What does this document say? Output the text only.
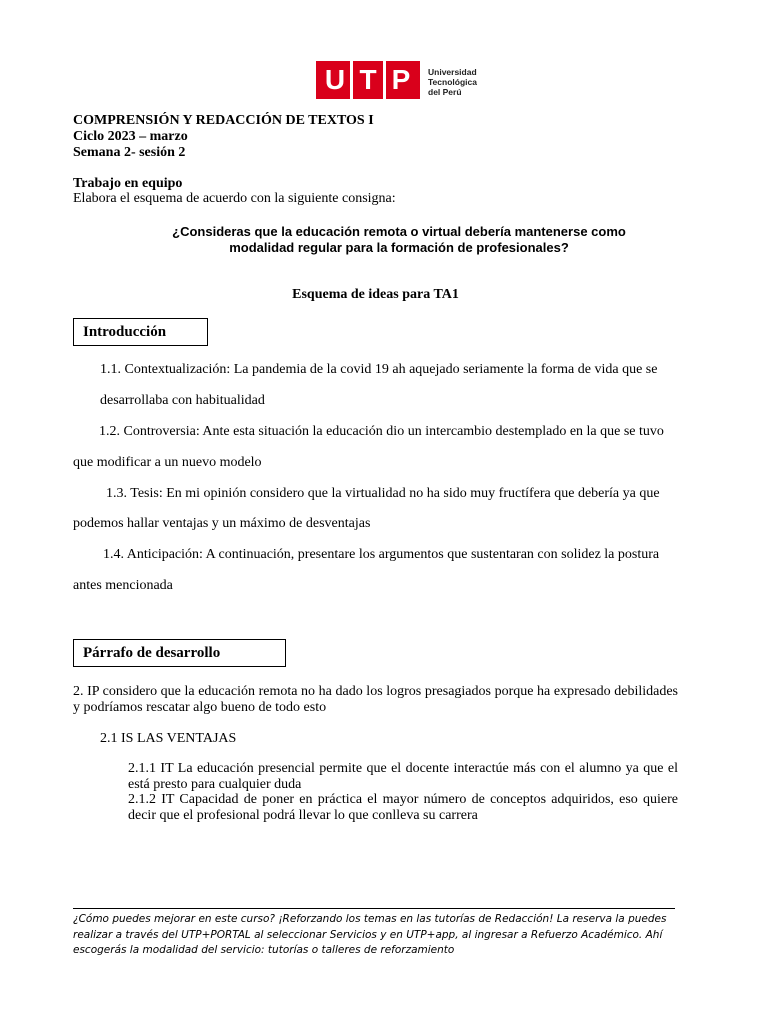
U T P	Universidad
Tecnológica
del Perú
COMPRENSIÓN Y REDACCIÓN DE TEXTOS I
Ciclo 2023 – marzo
Semana 2- sesión 2
Trabajo en equipo
Elabora el esquema de acuerdo con la siguiente consigna:
¿Consideras que la educación remota o virtual debería mantenerse como
modalidad regular para la formación de profesionales?
Esquema de ideas para TA1
Introducción
1.1. Contextualización: La pandemia de la covid 19 ah aquejado seriamente la forma de vida que se
desarrollaba con habitualidad
1.2. Controversia: Ante esta situación la educación dio un intercambio destemplado en la que se tuvo
que modificar a un nuevo modelo
1.3. Tesis: En mi opinión considero que la virtualidad no ha sido muy fructífera que debería ya que
podemos hallar ventajas y un máximo de desventajas
1.4. Anticipación: A continuación, presentare los argumentos que sustentaran con solidez la postura
antes mencionada
Párrafo de desarrollo
2. IP considero que la educación remota no ha dado los logros presagiados porque ha expresado debilidades y podríamos rescatar algo bueno de todo esto
2.1 IS LAS VENTAJAS
2.1.1 IT La educación presencial permite que el docente interactúe más con el alumno ya que el está presto para cualquier duda
2.1.2 IT Capacidad de poner en práctica el mayor número de conceptos adquiridos, eso quiere decir que el profesional podrá llevar lo que conlleva su carrera
¿Cómo puedes mejorar en este curso? ¡Reforzando los temas en las tutorías de Redacción! La reserva la puedes realizar a través del UTP+PORTAL al seleccionar Servicios y en UTP+app, al ingresar a Refuerzo Académico. Ahí escogerás la modalidad del servicio: tutorías o talleres de reforzamiento
